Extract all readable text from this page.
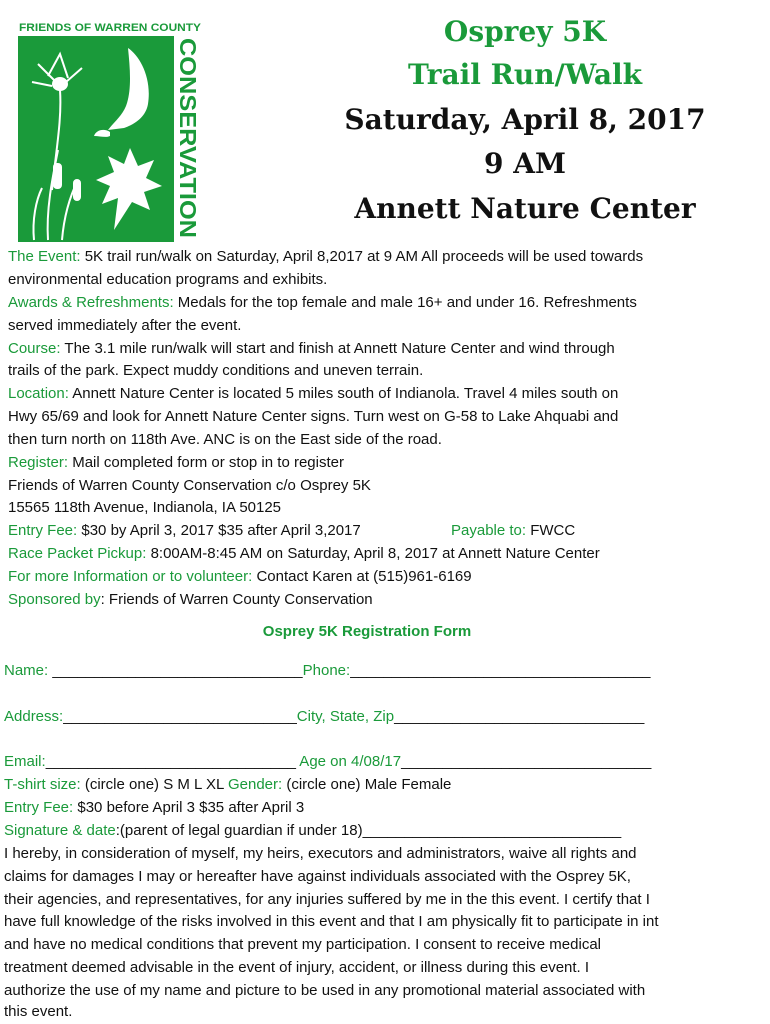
FRIENDS OF WARREN COUNTY
CONSERVATION
Osprey 5K
Trail Run/Walk
Saturday, April 8, 2017
9 AM
Annett Nature Center
The Event: 5K trail run/walk on Saturday, April 8,2017 at 9 AM All proceeds will be used towards
environmental education programs and exhibits.
Awards & Refreshments: Medals for the top female and male 16+ and under 16. Refreshments
served immediately after the event.
Course: The 3.1 mile run/walk will start and finish at Annett Nature Center and wind through
trails of the park. Expect muddy conditions and uneven terrain.
Location: Annett Nature Center is located 5 miles south of Indianola. Travel 4 miles south on
Hwy 65/69 and look for Annett Nature Center signs. Turn west on G-58 to Lake Ahquabi and
then turn north on 118th Ave. ANC is on the East side of the road.
Register: Mail completed form or stop in to register
Friends of Warren County Conservation c/o Osprey 5K
15565 118th Avenue, Indianola, IA 50125
Entry Fee: $30 by April 3, 2017 $35 after April 3,2017	Payable to: FWCC
Race Packet Pickup: 8:00AM-8:45 AM on Saturday, April 8, 2017 at Annett Nature Center
For more Information or to volunteer: Contact Karen at (515)961-6169
Sponsored by: Friends of Warren County Conservation
Osprey 5K Registration Form
Name: ______________________________Phone:____________________________________
Address:____________________________City, State, Zip______________________________
Email:______________________________ Age on 4/08/17______________________________
T-shirt size: (circle one) S M L XL Gender: (circle one) Male Female
Entry Fee: $30 before April 3 $35 after April 3
Signature & date:(parent of legal guardian if under 18)_______________________________
I hereby, in consideration of myself, my heirs, executors and administrators, waive all rights and
claims for damages I may or hereafter have against individuals associated with the Osprey 5K,
their agencies, and representatives, for any injuries suffered by me in the this event. I certify that I
have full knowledge of the risks involved in this event and that I am physically fit to participate in int
and have no medical conditions that prevent my participation. I consent to receive medical
treatment deemed advisable in the event of injury, accident, or illness during this event. I
authorize the use of my name and picture to be used in any promotional material associated with
this event.
